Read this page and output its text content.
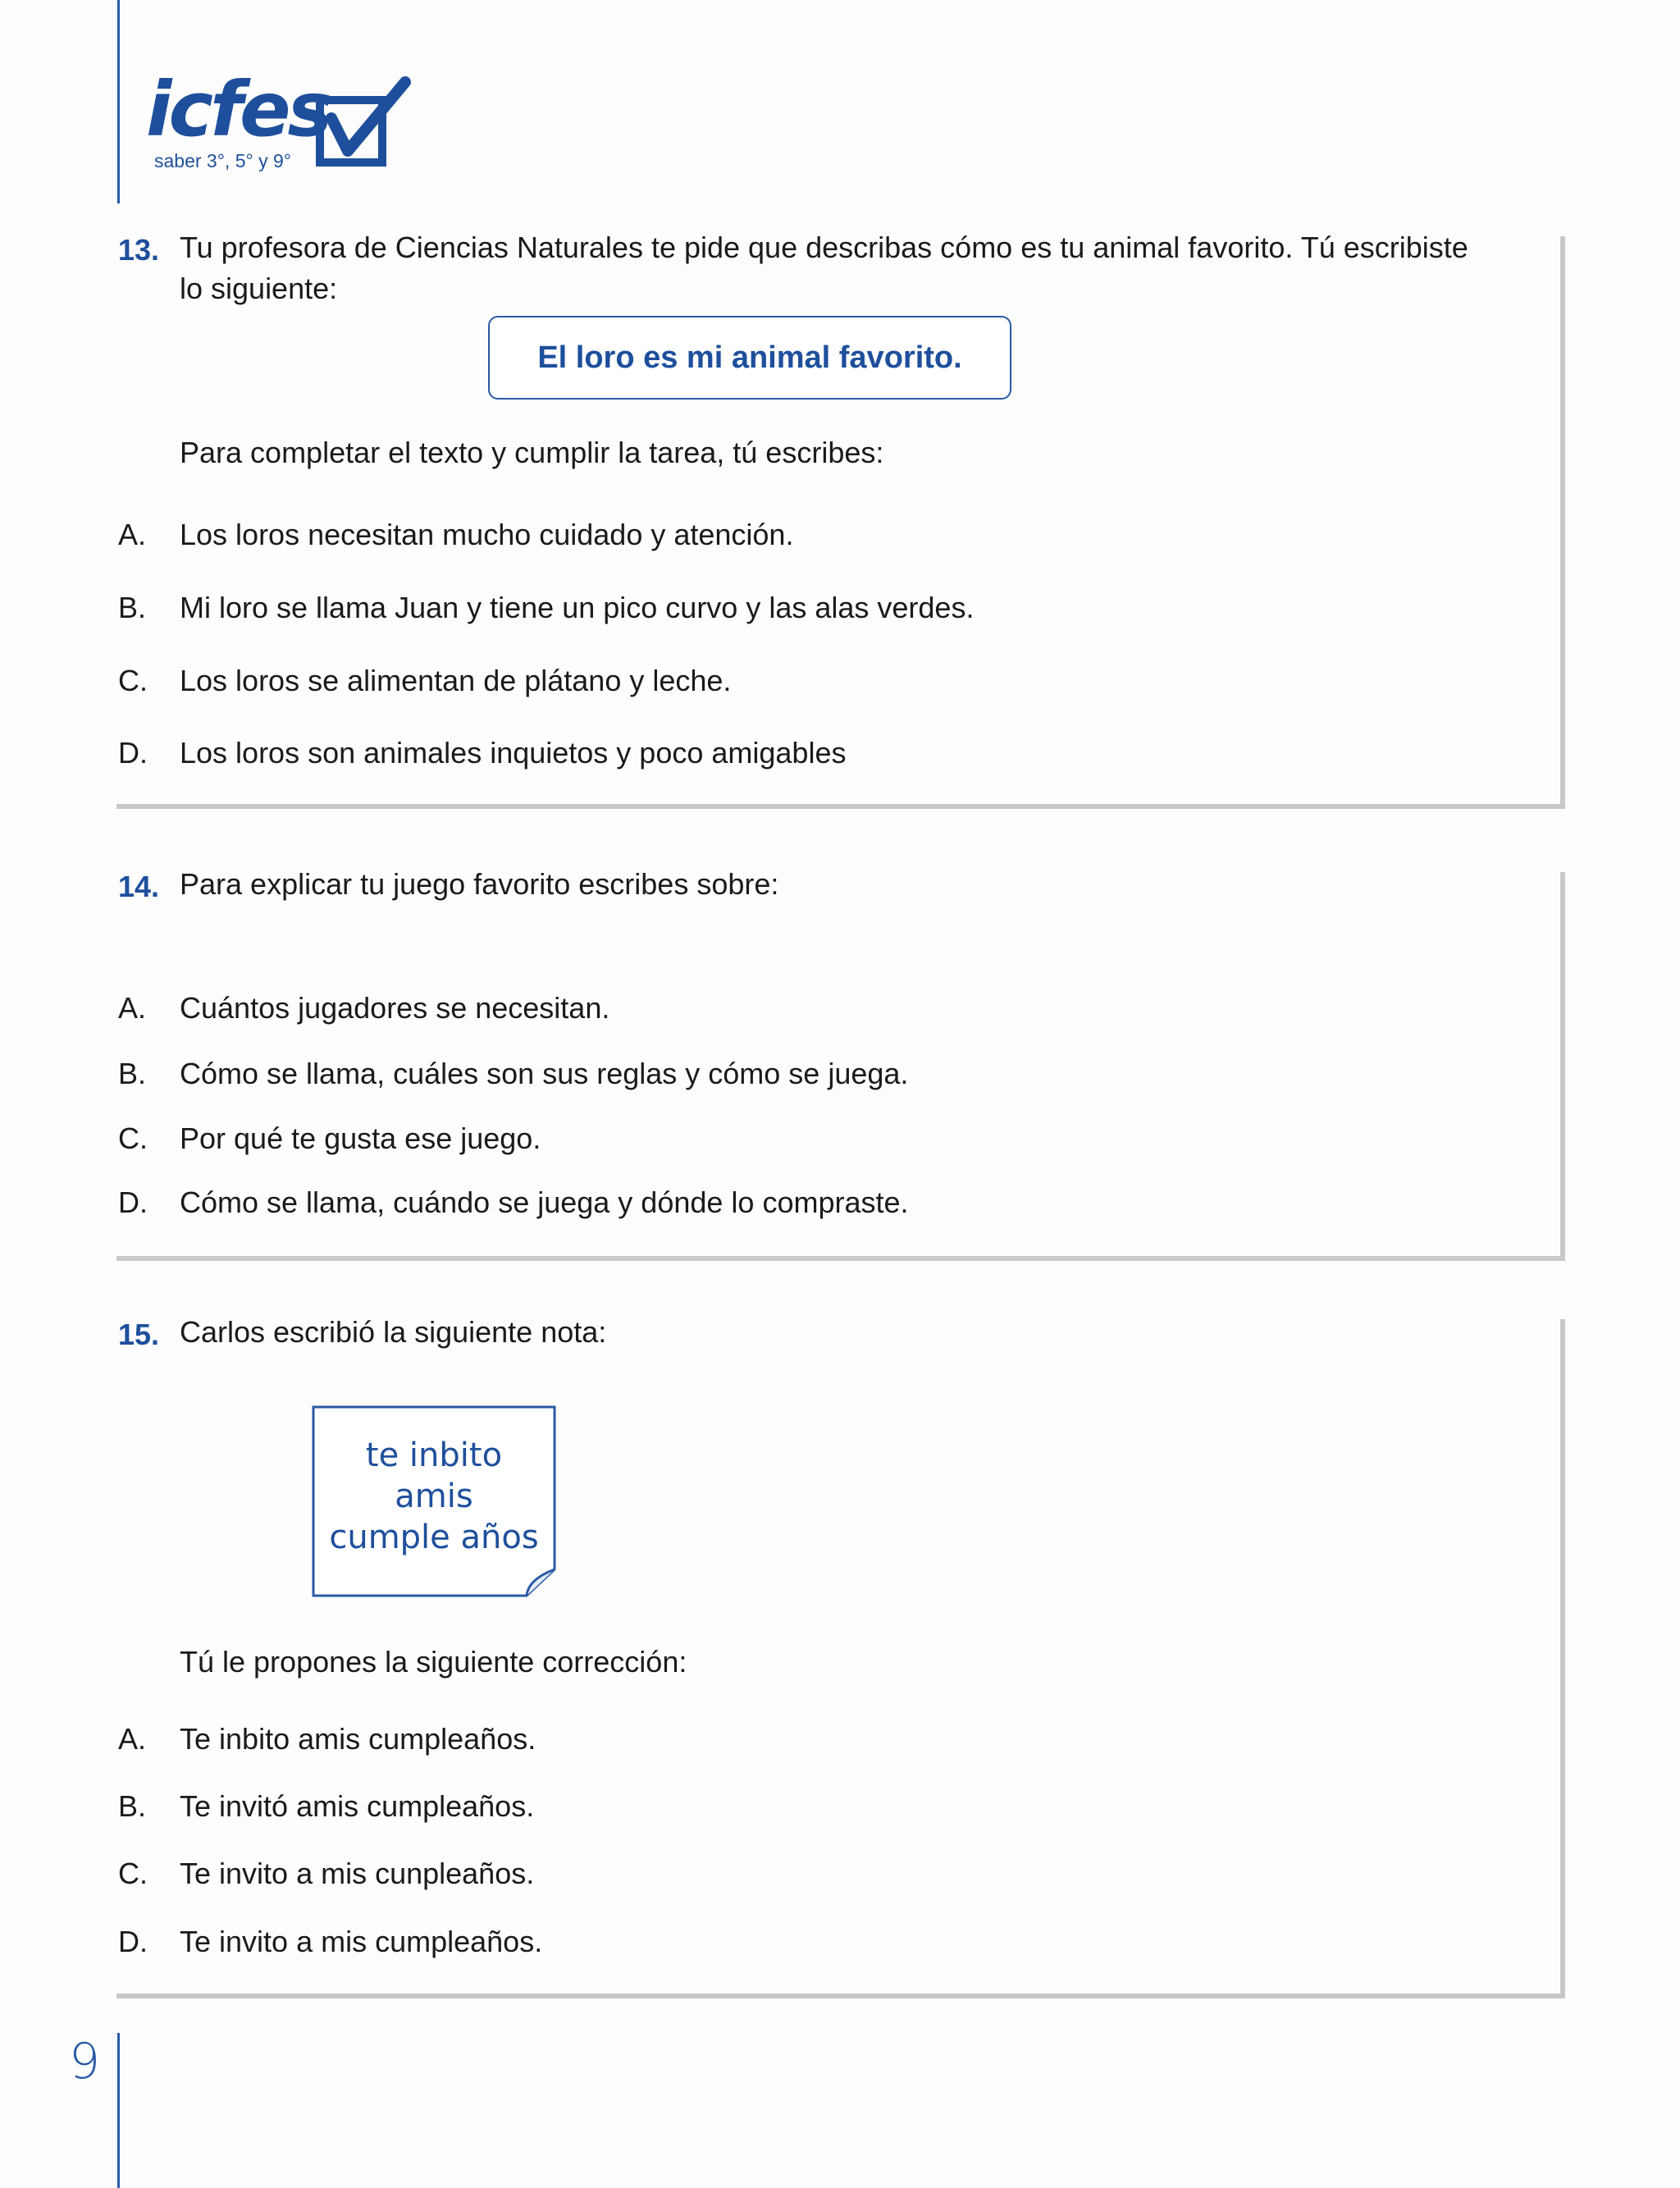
icfes
saber 3°, 5° y 9°
13. Tu profesora de Ciencias Naturales te pide que describas cómo es tu animal favorito. Tú escribiste
lo siguiente:
El loro es mi animal favorito.
Para completar el texto y cumplir la tarea, tú escribes:
A. Los loros necesitan mucho cuidado y atención.
B. Mi loro se llama Juan y tiene un pico curvo y las alas verdes.
C. Los loros se alimentan de plátano y leche.
D. Los loros son animales inquietos y poco amigables
14. Para explicar tu juego favorito escribes sobre:
A. Cuántos jugadores se necesitan.
B. Cómo se llama, cuáles son sus reglas y cómo se juega.
C. Por qué te gusta ese juego.
D. Cómo se llama, cuándo se juega y dónde lo compraste.
15. Carlos escribió la siguiente nota:
te inbito
amis
cumple años
Tú le propones la siguiente corrección:
A. Te inbito amis cumpleaños.
B. Te invitó amis cumpleaños.
C. Te invito a mis cunpleaños.
D. Te invito a mis cumpleaños.
9
